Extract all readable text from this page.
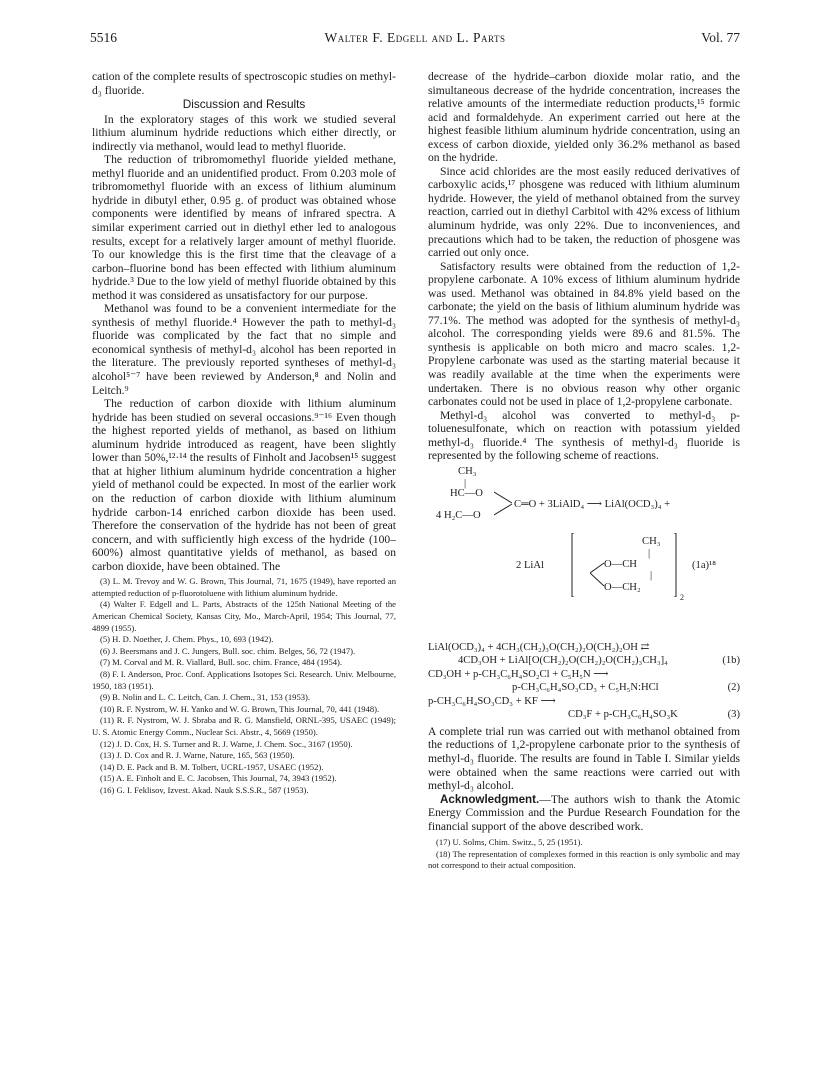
5516	Walter F. Edgell and L. Parts	Vol. 77

cation of the complete results of spectroscopic studies on methyl-d₃ fluoride.

Discussion and Results

In the exploratory stages of this work we studied several lithium aluminum hydride reductions which either directly, or indirectly via methanol, would lead to methyl fluoride.

The reduction of tribromomethyl fluoride yielded methane, methyl fluoride and an unidentified product. From 0.203 mole of tribromomethyl fluoride with an excess of lithium aluminum hydride in dibutyl ether, 0.95 g. of product was obtained whose components were identified by means of infrared spectra. A similar experiment carried out in diethyl ether led to analogous results, except for a relatively larger amount of methyl fluoride. To our knowledge this is the first time that the cleavage of a carbon–fluorine bond has been effected with lithium aluminum hydride.³ Due to the low yield of methyl fluoride obtained by this method it was considered as unsatisfactory for our purpose.

Methanol was found to be a convenient intermediate for the synthesis of methyl fluoride.⁴ However the path to methyl-d₃ fluoride was complicated by the fact that no simple and economical synthesis of methyl-d₃ alcohol has been reported in the literature. The previously reported syntheses of methyl-d₃ alcohol⁵⁻⁷ have been reviewed by Anderson,⁸ and Nolin and Leitch.⁹

The reduction of carbon dioxide with lithium aluminum hydride has been studied on several occasions.⁹⁻¹⁶ Even though the highest reported yields of methanol, as based on lithium aluminum hydride introduced as reagent, have been slightly lower than 50%,¹²·¹⁴ the results of Finholt and Jacobsen¹⁵ suggest that at higher lithium aluminum hydride concentration a higher yield of methanol could be expected. In most of the earlier work on the reduction of carbon dioxide with lithium aluminum hydride carbon-14 enriched carbon dioxide has been used. Therefore the conservation of the hydride has not been of great concern, and with sufficiently high excess of the hydride (100–600%) almost quantitative yields of methanol, as based on carbon dioxide, have been obtained. The

(3) L. M. Trevoy and W. G. Brown, This Journal, 71, 1675 (1949), have reported an attempted reduction of p-fluorotoluene with lithium aluminum hydride.
(4) Walter F. Edgell and L. Parts, Abstracts of the 125th National Meeting of the American Chemical Society, Kansas City, Mo., March-April, 1954; This Journal, 77, 4899 (1955).
(5) H. D. Noether, J. Chem. Phys., 10, 693 (1942).
(6) J. Beersmans and J. C. Jungers, Bull. soc. chim. Belges, 56, 72 (1947).
(7) M. Corval and M. R. Viallard, Bull. soc. chim. France, 484 (1954).
(8) F. I. Anderson, Proc. Conf. Applications Isotopes Sci. Research. Univ. Melbourne, 1950, 183 (1951).
(9) B. Nolin and L. C. Leitch, Can. J. Chem., 31, 153 (1953).
(10) R. F. Nystrom, W. H. Yanko and W. G. Brown, This Journal, 70, 441 (1948).
(11) R. F. Nystrom, W. J. Sbraba and R. G. Mansfield, ORNL-395, USAEC (1949); U. S. Atomic Energy Comm., Nuclear Sci. Abstr., 4, 5669 (1950).
(12) J. D. Cox, H. S. Turner and R. J. Warne, J. Chem. Soc., 3167 (1950).
(13) J. D. Cox and R. J. Warne, Nature, 165, 563 (1950).
(14) D. E. Pack and B. M. Tolbert, UCRL-1957, USAEC (1952).
(15) A. E. Finholt and E. C. Jacobsen, This Journal, 74, 3943 (1952).
(16) G. I. Feklisov, Izvest. Akad. Nauk S.S.S.R., 587 (1953).

decrease of the hydride–carbon dioxide molar ratio, and the simultaneous decrease of the hydride concentration, increases the relative amounts of the intermediate reduction products,¹⁵ formic acid and formaldehyde. An experiment carried out here at the highest feasible lithium aluminum hydride concentration, using an excess of carbon dioxide, yielded only 36.2% methanol as based on the hydride.

Since acid chlorides are the most easily reduced derivatives of carboxylic acids,¹⁷ phosgene was reduced with lithium aluminum hydride. However, the yield of methanol obtained from the survey reaction, carried out in diethyl Carbitol with 42% excess of lithium aluminum hydride, was only 22%. Due to inconveniences, and precautions which had to be taken, the reduction of phosgene was carried out only once.

Satisfactory results were obtained from the reduction of 1,2-propylene carbonate. A 10% excess of lithium aluminum hydride was used. Methanol was obtained in 84.8% yield based on the carbonate; the yield on the basis of lithium aluminum hydride was 77.1%. The method was adopted for the synthesis of methyl-d₃ alcohol. The corresponding yields were 89.6 and 81.5%. The synthesis is applicable on both micro and macro scales. 1,2-Propylene carbonate was used as the starting material because it was readily available at the time when the experiments were undertaken. There is no obvious reason why other organic carbonates could not be used in place of 1,2-propylene carbonate.

Methyl-d₃ alcohol was converted to methyl-d₃ p-toluenesulfonate, which on reaction with potassium yielded methyl-d₃ fluoride.⁴ The synthesis of methyl-d₃ fluoride is represented by the following scheme of reactions.

CH₃
|
HC—O
C═O + 3LiAlD₄ ⟶ LiAl(OCD₃)₄ +
4 H₂C—O
2 LiAl
CH₃
|
O—CH
|
O—CH₂
2
(1a)¹⁸
LiAl(OCD₃)₄ + 4CH₃(CH₂)₃O(CH₂)₂O(CH₂)₂OH ⇄
4CD₃OH + LiAl[O(CH₂)₂O(CH₂)₂O(CH₂)₃CH₃]₄	(1b)
CD₃OH + p-CH₃C₆H₄SO₂Cl + C₅H₅N ⟶
p-CH₃C₆H₄SO₃CD₃ + C₅H₅N:HCl	(2)
p-CH₃C₆H₄SO₃CD₃ + KF ⟶
CD₃F + p-CH₃C₆H₄SO₃K	(3)

A complete trial run was carried out with methanol obtained from the reductions of 1,2-propylene carbonate prior to the synthesis of methyl-d₃ fluoride. The results are found in Table I. Similar yields were obtained when the same reactions were carried out with methyl-d₃ alcohol.

Acknowledgment.—The authors wish to thank the Atomic Energy Commission and the Purdue Research Foundation for the financial support of the above described work.

(17) U. Solms, Chim. Switz., 5, 25 (1951).
(18) The representation of complexes formed in this reaction is only symbolic and may not correspond to their actual composition.
